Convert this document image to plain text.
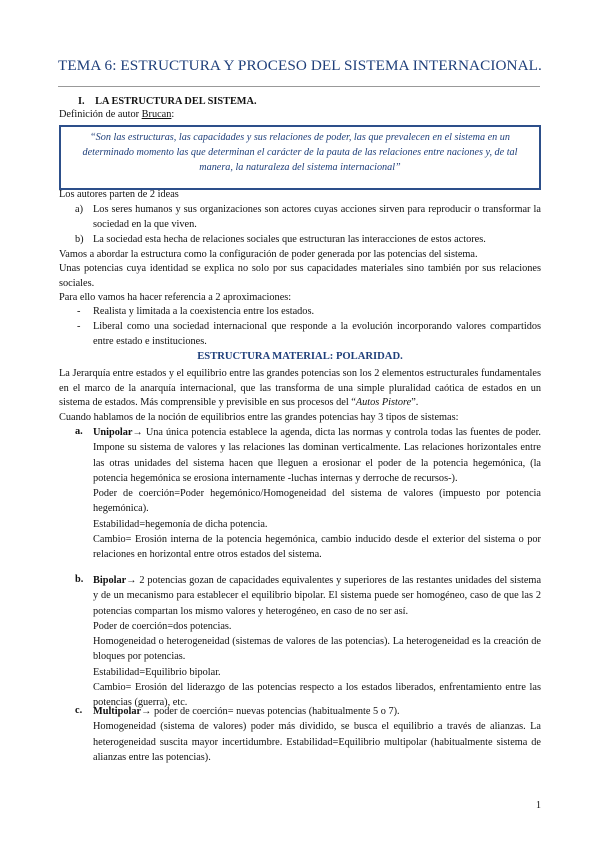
TEMA 6: ESTRUCTURA Y PROCESO DEL SISTEMA INTERNACIONAL.
I. LA ESTRUCTURA DEL SISTEMA.
Definición de autor Brucan:

“Son las estructuras, las capacidades y sus relaciones de poder, las que prevalecen en el sistema en un determinado momento las que determinan el carácter de la pauta de las relaciones entre naciones y, de tal manera, la naturaleza del sistema internacional”

Los autores parten de 2 ideas
a) Los seres humanos y sus organizaciones son actores cuyas acciones sirven para reproducir o transformar la sociedad en la que viven.
b) La sociedad esta hecha de relaciones sociales que estructuran las interacciones de estos actores.
Vamos a abordar la estructura como la configuración de poder generada por las potencias del sistema.
Unas potencias cuya identidad se explica no solo por sus capacidades materiales sino también por sus relaciones sociales.
Para ello vamos ha hacer referencia a 2 aproximaciones:
- Realista y limitada a la coexistencia entre los estados.
- Liberal como una sociedad internacional que responde a la evolución incorporando valores compartidos entre estado e instituciones.
ESTRUCTURA MATERIAL: POLARIDAD.
La Jerarquía entre estados y el equilibrio entre las grandes potencias son los 2 elementos estructurales fundamentales en el marco de la anarquía internacional, que las transforma de una simple pluralidad caótica de estados en un sistema de estados. Más comprensible y previsible en sus procesos del “Autos Pistore”.
Cuando hablamos de la noción de equilibrios entre las grandes potencias hay 3 tipos de sistemas:
a. Unipolar→ Una única potencia establece la agenda, dicta las normas y controla todas las fuentes de poder. Impone su sistema de valores y las relaciones las dominan verticalmente. Las relaciones horizontales entre las otras unidades del sistema hacen que lleguen a erosionar el poder de la potencia hegemónica, (la potencia hegemónica se erosiona internamente -luchas internas y derroche de recursos-).
Poder de coerción=Poder hegemónico/Homogeneidad del sistema de valores (impuesto por potencia hegemónica).
Estabilidad=hegemonía de dicha potencia.
Cambio= Erosión interna de la potencia hegemónica, cambio inducido desde el exterior del sistema o por relaciones en horizontal entre otros estados del sistema.
b. Bipolar→ 2 potencias gozan de capacidades equivalentes y superiores de las restantes unidades del sistema y de un mecanismo para establecer el equilibrio bipolar. El sistema puede ser homogéneo, caso de que las 2 potencias compartan los mismo valores y heterogéneo, en caso de no ser así.
Poder de coerción=dos potencias.
Homogeneidad o heterogeneidad (sistemas de valores de las potencias). La heterogeneidad es la creación de bloques por potencias.
Estabilidad=Equilibrio bipolar.
Cambio= Erosión del liderazgo de las potencias respecto a los estados liberados, enfrentamiento entre las potencias (guerra), etc.
c. Multipolar→ poder de coerción= nuevas potencias (habitualmente 5 o 7).
Homogeneidad (sistema de valores) poder más dividido, se busca el equilibrio a través de alianzas. La heterogeneidad suscita mayor incertidumbre. Estabilidad=Equilibrio multipolar (habitualmente sistema de alianzas entre las potencias).
1
